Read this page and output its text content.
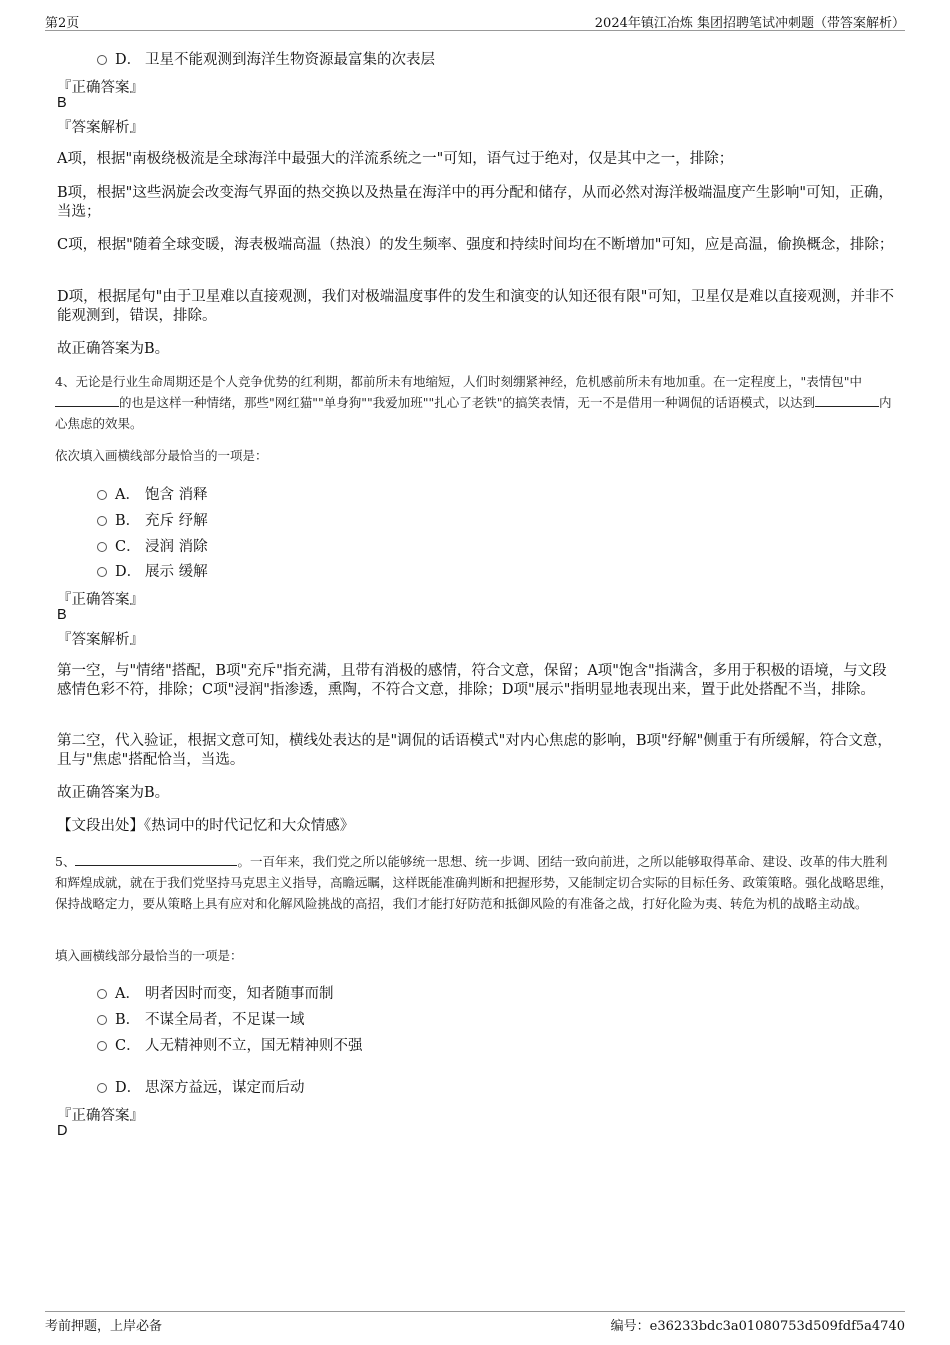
第2页	2024年镇江冶炼 集团招聘笔试冲刺题（带答案解析）
D． 卫星不能观测到海洋生物资源最富集的次表层
『正确答案』
B
『答案解析』
A项，根据"南极绕极流是全球海洋中最强大的洋流系统之一"可知，语气过于绝对，仅是其中之一，排除；
B项，根据"这些涡旋会改变海气界面的热交换以及热量在海洋中的再分配和储存，从而必然对海洋极端温度产生影响"可知，正确，当选；
C项，根据"随着全球变暖，海表极端高温（热浪）的发生频率、强度和持续时间均在不断增加"可知，应是高温，偷换概念，排除；
D项，根据尾句"由于卫星难以直接观测，我们对极端温度事件的发生和演变的认知还很有限"可知，卫星仅是难以直接观测，并非不能观测到，错误，排除。
故正确答案为B。
4、无论是行业生命周期还是个人竞争优势的红利期，都前所未有地缩短，人们时刻绷紧神经，危机感前所未有地加重。在一定程度上，"表情包"中的也是这样一种情绪，那些"网红猫""单身狗""我爱加班""扎心了老铁"的搞笑表情，无一不是借用一种调侃的话语模式，以达到	内心焦虑的效果。
依次填入画横线部分最恰当的一项是：
A． 饱含 消释
B． 充斥 纾解
C． 浸润 消除
D． 展示 缓解
『正确答案』
B
『答案解析』
第一空，与"情绪"搭配，B项"充斥"指充满，且带有消极的感情，符合文意，保留；A项"饱含"指满含，多用于积极的语境，与文段感情色彩不符，排除；C项"浸润"指渗透，熏陶，不符合文意，排除；D项"展示"指明显地表现出来，置于此处搭配不当，排除。
第二空，代入验证，根据文意可知，横线处表达的是"调侃的话语模式"对内心焦虑的影响，B项"纾解"侧重于有所缓解，符合文意，且与"焦虑"搭配恰当，当选。
故正确答案为B。
【文段出处】《热词中的时代记忆和大众情感》
5、	。一百年来，我们党之所以能够统一思想、统一步调、团结一致向前进，之所以能够取得革命、建设、改革的伟大胜利和辉煌成就，就在于我们党坚持马克思主义指导，高瞻远瞩，这样既能准确判断和把握形势，又能制定切合实际的目标任务、政策策略。强化战略思维，保持战略定力，要从策略上具有应对和化解风险挑战的高招，我们才能打好防范和抵御风险的有准备之战，打好化险为夷、转危为机的战略主动战。
填入画横线部分最恰当的一项是：
A． 明者因时而变，知者随事而制
B． 不谋全局者，不足谋一域
C． 人无精神则不立，国无精神则不强
D． 思深方益远，谋定而后动
『正确答案』
D
考前押题，上岸必备	编号：e36233bdc3a01080753d509fdf5a4740
